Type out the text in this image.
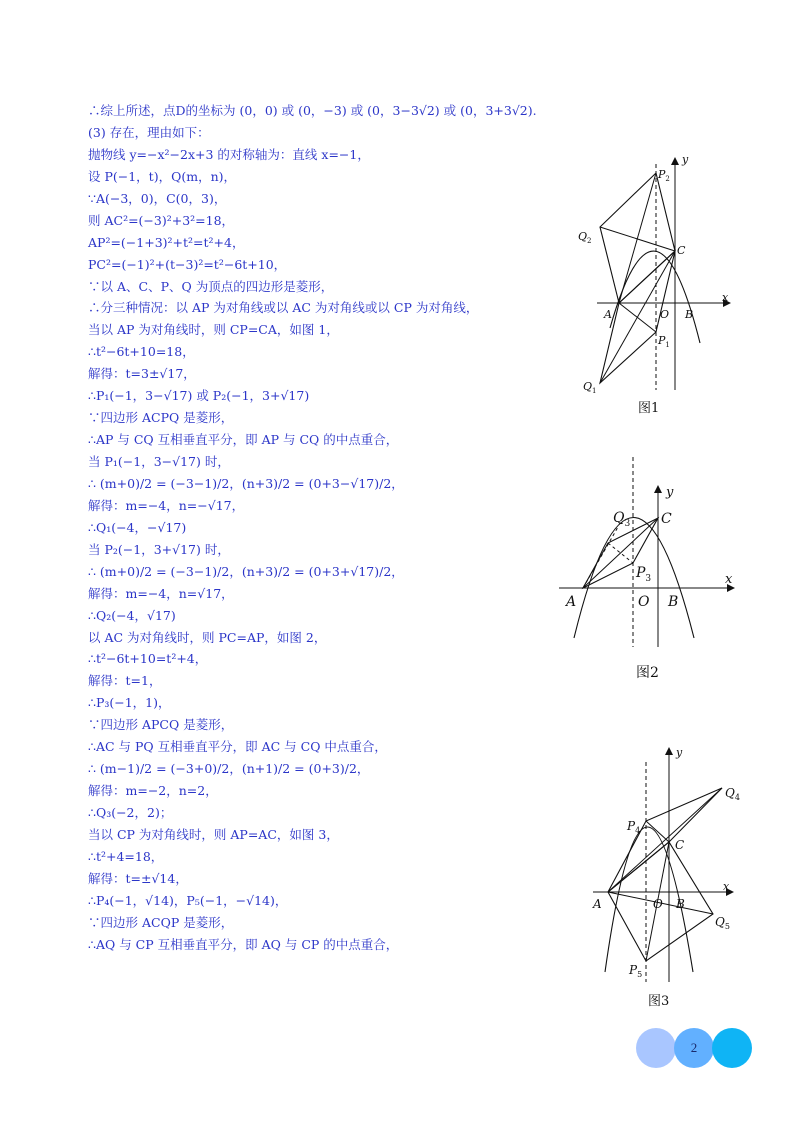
∴综上所述，点D的坐标为 (0，0) 或 (0，−3) 或 (0，3−3√2) 或 (0，3+3√2).
(3) 存在，理由如下：
抛物线 y=−x²−2x+3 的对称轴为：直线 x=−1，
设 P(−1，t)，Q(m，n)，
∵A(−3，0)，C(0，3)，
则 AC²=(−3)²+3²=18，
AP²=(−1+3)²+t²=t²+4，
PC²=(−1)²+(t−3)²=t²−6t+10，
∵以 A、C、P、Q 为顶点的四边形是菱形，
∴分三种情况：以 AP 为对角线或以 AC 为对角线或以 CP 为对角线，
当以 AP 为对角线时，则 CP=CA，如图 1，
∴t²−6t+10=18，
解得：t=3±√17，
∴P₁(−1，3−√17) 或 P₂(−1，3+√17)
∵四边形 ACPQ 是菱形，
∴AP 与 CQ 互相垂直平分，即 AP 与 CQ 的中点重合，
当 P₁(−1，3−√17) 时，
∴ (m+0)/2 = (−3−1)/2，(n+3)/2 = (0+3−√17)/2，
解得：m=−4，n=−√17，
∴Q₁(−4，−√17)
当 P₂(−1，3+√17) 时，
∴ (m+0)/2 = (−3−1)/2，(n+3)/2 = (0+3+√17)/2，
解得：m=−4，n=√17，
∴Q₂(−4，√17)
以 AC 为对角线时，则 PC=AP，如图 2，
∴t²−6t+10=t²+4，
解得：t=1，
∴P₃(−1，1)，
∵四边形 APCQ 是菱形，
∴AC 与 PQ 互相垂直平分，即 AC 与 CQ 中点重合，
∴ (m−1)/2 = (−3+0)/2，(n+1)/2 = (0+3)/2，
解得：m=−2，n=2，
∴Q₃(−2，2)；
当以 CP 为对角线时，则 AP=AC，如图 3，
∴t²+4=18，
解得：t=±√14，
∴P₄(−1，√14)，P₅(−1，−√14)，
∵四边形 ACQP 是菱形，
∴AQ 与 CP 互相垂直平分，即 AQ 与 CP 的中点重合，
x
y
A	O B
C
$P_2$
$P_1$
$Q_2$
$Q_1$
图1
x
y
A	O B
C
$Q_3$
$P_3$
图2
x
y
A	O B
C
$P_4$
$Q_4$
$Q_5$
$P_5$
图3
2
